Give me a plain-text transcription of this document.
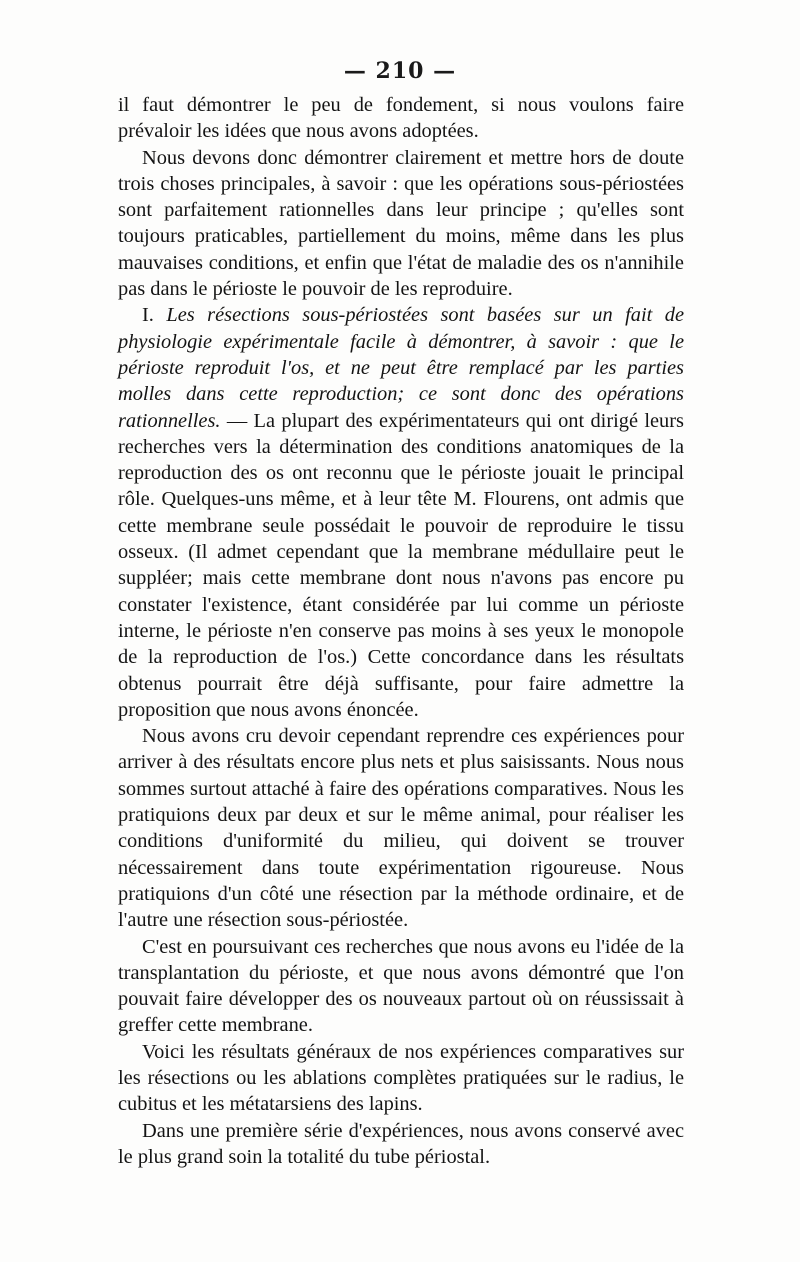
— 210 —

il faut démontrer le peu de fondement, si nous voulons faire prévaloir les idées que nous avons adoptées.

Nous devons donc démontrer clairement et mettre hors de doute trois choses principales, à savoir : que les opérations sous-périostées sont parfaitement rationnelles dans leur principe ; qu'elles sont toujours praticables, partiellement du moins, même dans les plus mauvaises conditions, et enfin que l'état de maladie des os n'annihile pas dans le périoste le pouvoir de les reproduire.

I. Les résections sous-périostées sont basées sur un fait de physiologie expérimentale facile à démontrer, à savoir : que le périoste reproduit l'os, et ne peut être remplacé par les parties molles dans cette reproduction; ce sont donc des opérations rationnelles. — La plupart des expérimentateurs qui ont dirigé leurs recherches vers la détermination des conditions anatomiques de la reproduction des os ont reconnu que le périoste jouait le principal rôle. Quelques-uns même, et à leur tête M. Flourens, ont admis que cette membrane seule possédait le pouvoir de reproduire le tissu osseux. (Il admet cependant que la membrane médullaire peut le suppléer; mais cette membrane dont nous n'avons pas encore pu constater l'existence, étant considérée par lui comme un périoste interne, le périoste n'en conserve pas moins à ses yeux le monopole de la reproduction de l'os.) Cette concordance dans les résultats obtenus pourrait être déjà suffisante, pour faire admettre la proposition que nous avons énoncée.

Nous avons cru devoir cependant reprendre ces expériences pour arriver à des résultats encore plus nets et plus saisissants. Nous nous sommes surtout attaché à faire des opérations comparatives. Nous les pratiquions deux par deux et sur le même animal, pour réaliser les conditions d'uniformité du milieu, qui doivent se trouver nécessairement dans toute expérimentation rigoureuse. Nous pratiquions d'un côté une résection par la méthode ordinaire, et de l'autre une résection sous-périostée.

C'est en poursuivant ces recherches que nous avons eu l'idée de la transplantation du périoste, et que nous avons démontré que l'on pouvait faire développer des os nouveaux partout où on réussissait à greffer cette membrane.

Voici les résultats généraux de nos expériences comparatives sur les résections ou les ablations complètes pratiquées sur le radius, le cubitus et les métatarsiens des lapins.

Dans une première série d'expériences, nous avons conservé avec le plus grand soin la totalité du tube périostal.
